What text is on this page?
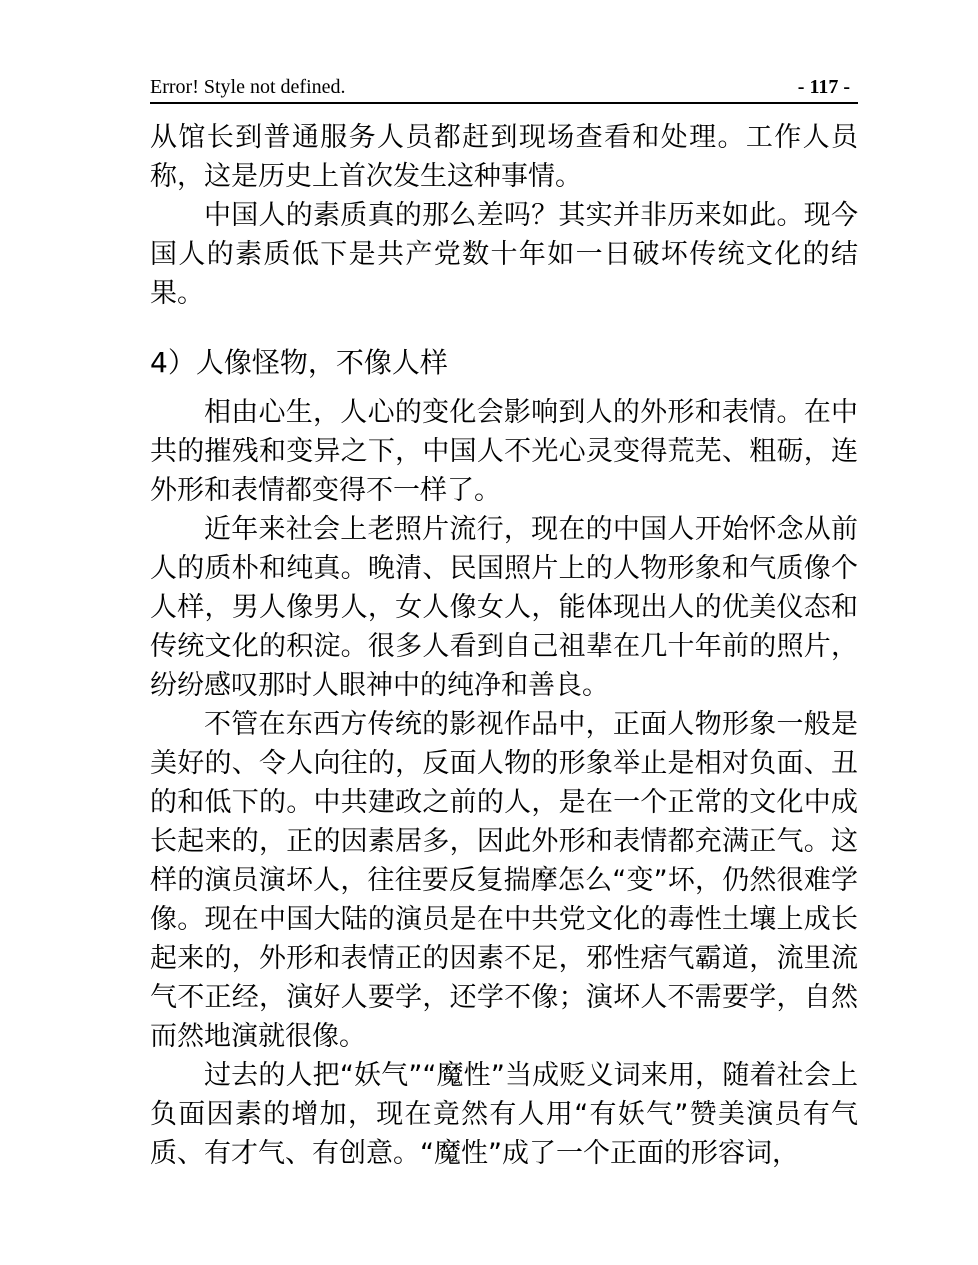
Error! Style not defined.	- 117 -

从馆长到普通服务人员都赶到现场查看和处理。工作人员称，这是历史上首次发生这种事情。

中国人的素质真的那么差吗？其实并非历来如此。现今国人的素质低下是共产党数十年如一日破坏传统文化的结果。

4）人像怪物，不像人样

相由心生，人心的变化会影响到人的外形和表情。在中共的摧残和变异之下，中国人不光心灵变得荒芜、粗砺，连外形和表情都变得不一样了。

近年来社会上老照片流行，现在的中国人开始怀念从前人的质朴和纯真。晚清、民国照片上的人物形象和气质像个人样，男人像男人，女人像女人，能体现出人的优美仪态和传统文化的积淀。很多人看到自己祖辈在几十年前的照片，纷纷感叹那时人眼神中的纯净和善良。

不管在东西方传统的影视作品中，正面人物形象一般是美好的、令人向往的，反面人物的形象举止是相对负面、丑的和低下的。中共建政之前的人，是在一个正常的文化中成长起来的，正的因素居多，因此外形和表情都充满正气。这样的演员演坏人，往往要反复揣摩怎么“变”坏，仍然很难学像。现在中国大陆的演员是在中共党文化的毒性土壤上成长起来的，外形和表情正的因素不足，邪性痞气霸道，流里流气不正经，演好人要学，还学不像；演坏人不需要学，自然而然地演就很像。

过去的人把“妖气”“魔性”当成贬义词来用，随着社会上负面因素的增加，现在竟然有人用“有妖气”赞美演员有气质、有才气、有创意。“魔性”成了一个正面的形容词，
